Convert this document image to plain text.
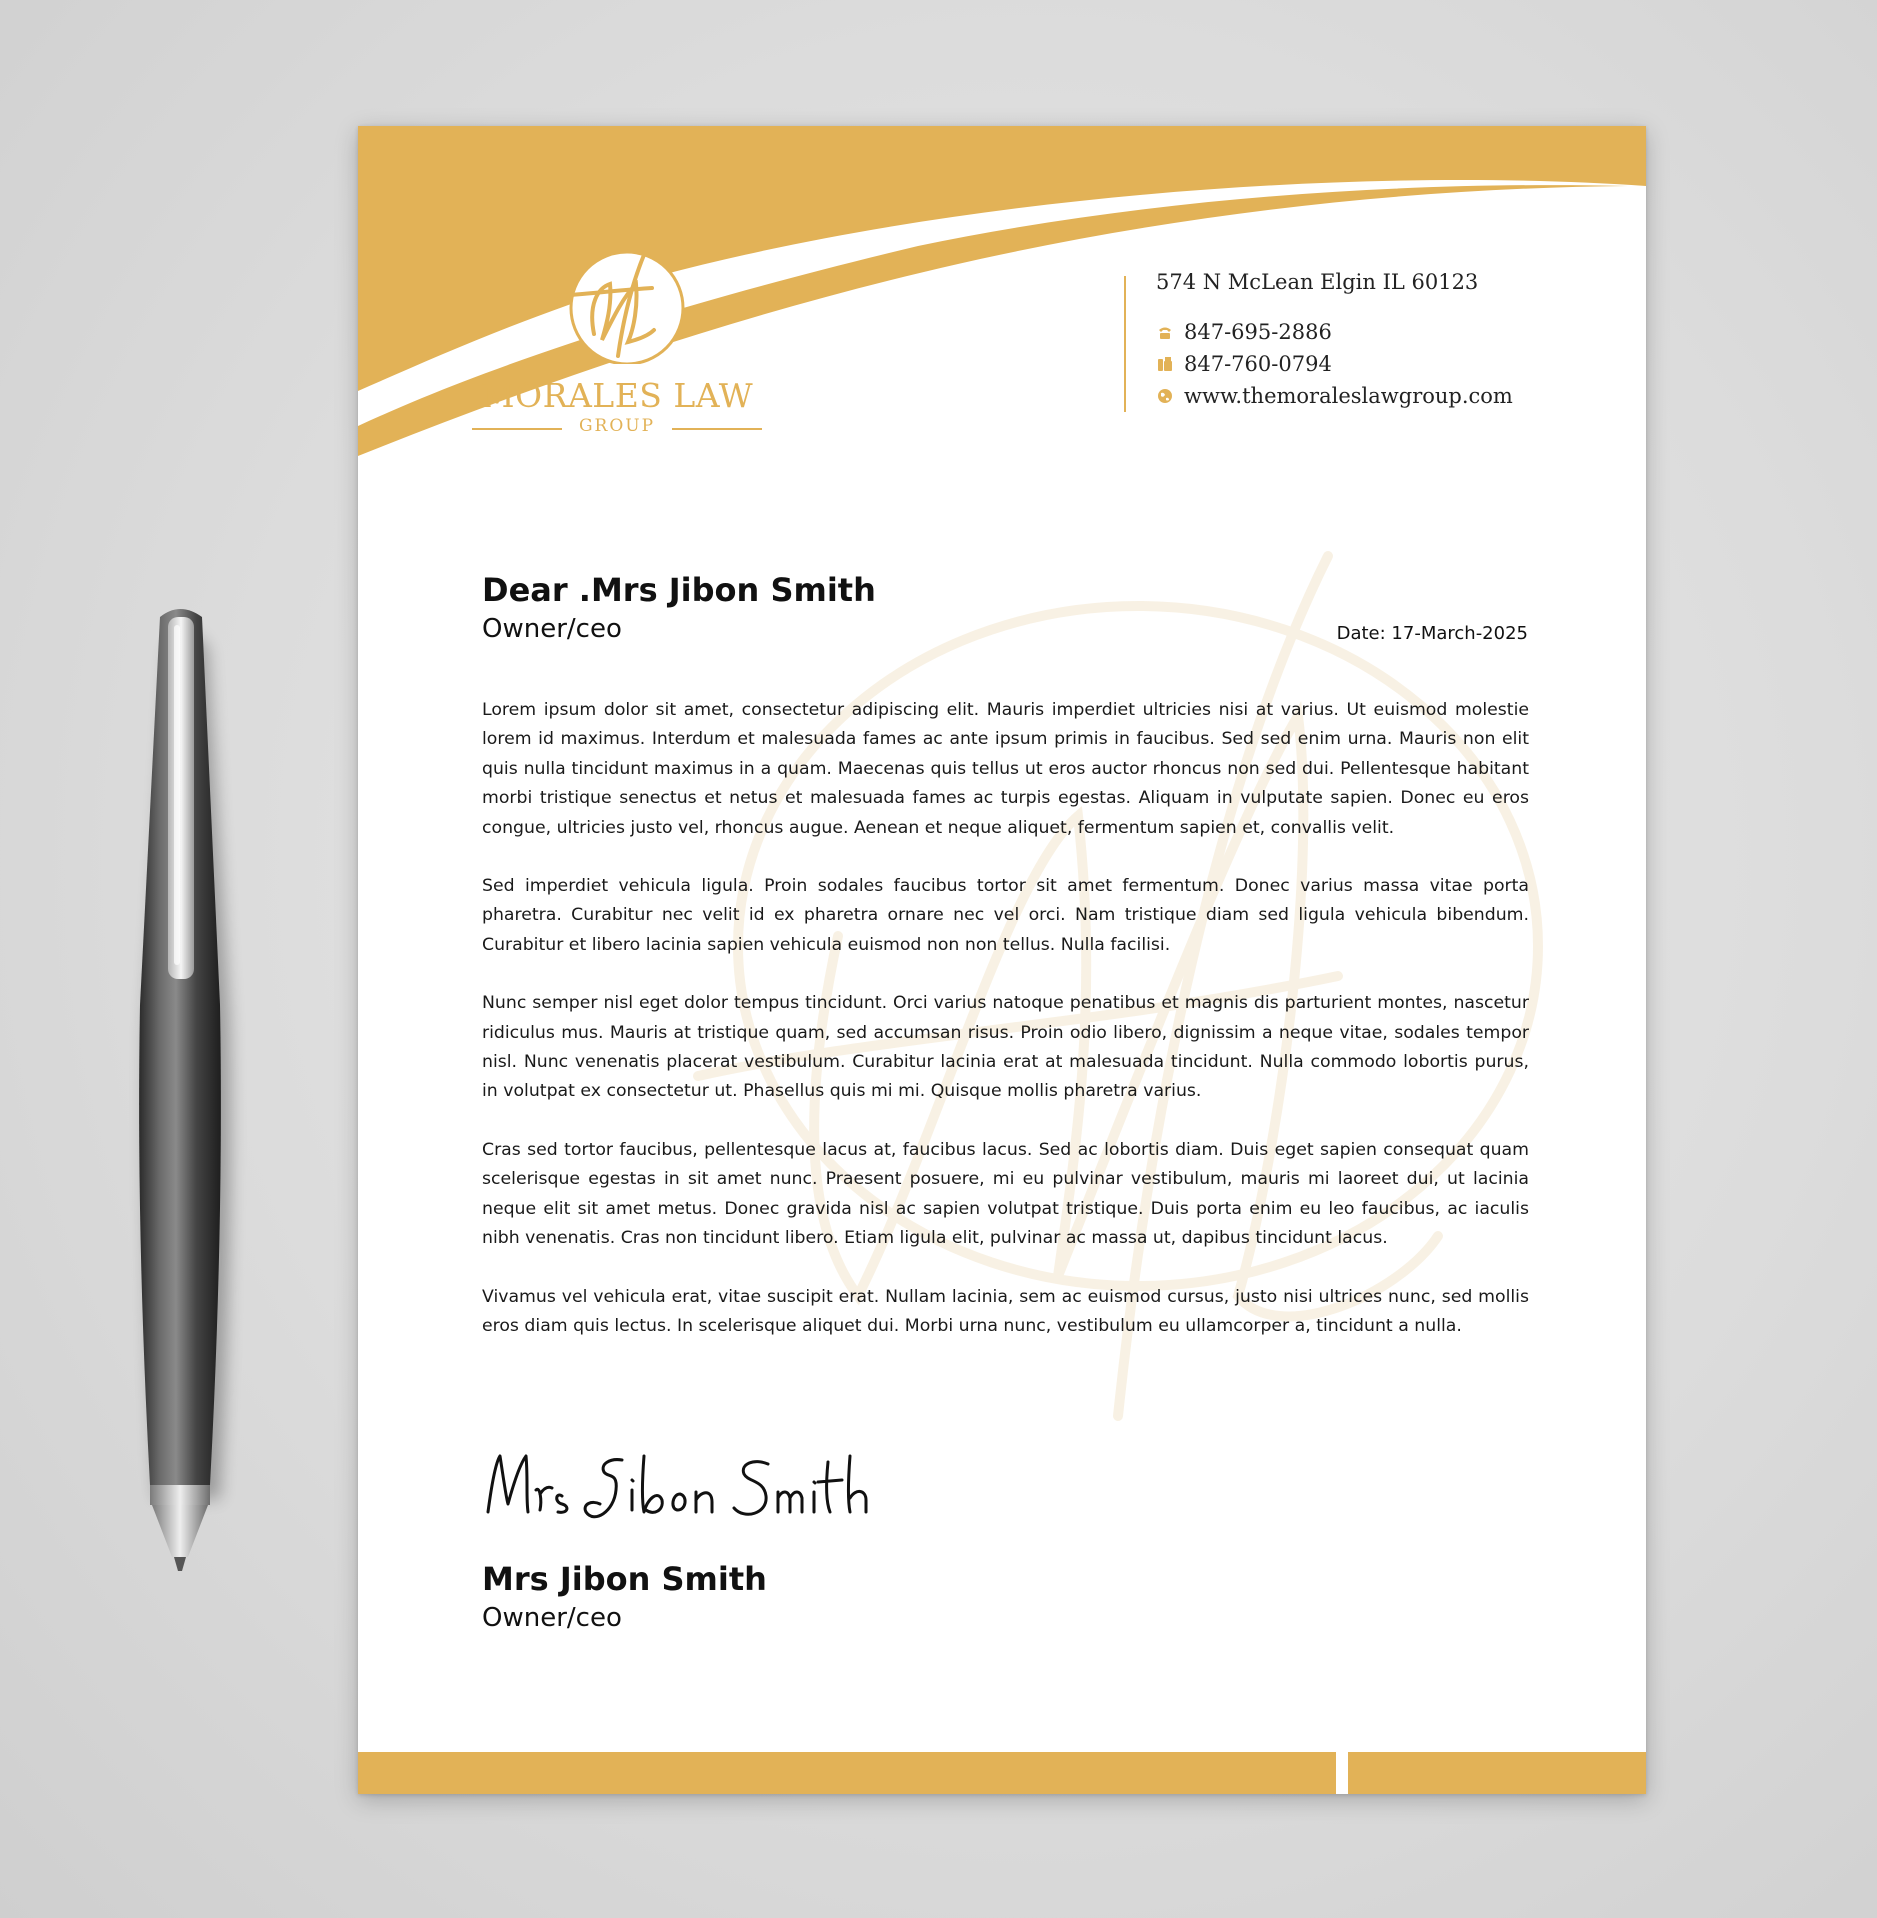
MORALES LAW
GROUP
574 N McLean Elgin IL 60123
847-695-2886
847-760-0794
www.themoraleslawgroup.com
Dear .Mrs Jibon Smith
Owner/ceo	Date: 17-March-2025

Lorem ipsum dolor sit amet, consectetur adipiscing elit. Mauris imperdiet ultricies nisi at varius. Ut euismod molestie lorem id maximus. Interdum et malesuada fames ac ante ipsum primis in faucibus. Sed sed enim urna. Mauris non elit quis nulla tincidunt maximus in a quam. Maecenas quis tellus ut eros auctor rhoncus non sed dui. Pellentesque habitant morbi tristique senectus et netus et malesuada fames ac turpis egestas. Aliquam in vulputate sapien. Donec eu eros congue, ultricies justo vel, rhoncus augue. Aenean et neque aliquet, fermentum sapien et, convallis velit.

Sed imperdiet vehicula ligula. Proin sodales faucibus tortor sit amet fermentum. Donec varius massa vitae porta pharetra. Curabitur nec velit id ex pharetra ornare nec vel orci. Nam tristique diam sed ligula vehicula bibendum. Curabitur et libero lacinia sapien vehicula euismod non non tellus. Nulla facilisi.

Nunc semper nisl eget dolor tempus tincidunt. Orci varius natoque penatibus et magnis dis parturient montes, nascetur ridiculus mus. Mauris at tristique quam, sed accumsan risus. Proin odio libero, dignissim a neque vitae, sodales tempor nisl. Nunc venenatis placerat vestibulum. Curabitur lacinia erat at malesuada tincidunt. Nulla commodo lobortis purus, in volutpat ex consectetur ut. Phasellus quis mi mi. Quisque mollis pharetra varius.

Cras sed tortor faucibus, pellentesque lacus at, faucibus lacus. Sed ac lobortis diam. Duis eget sapien consequat quam scelerisque egestas in sit amet nunc. Praesent posuere, mi eu pulvinar vestibulum, mauris mi laoreet dui, ut lacinia neque elit sit amet metus. Donec gravida nisl ac sapien volutpat tristique. Duis porta enim eu leo faucibus, ac iaculis nibh venenatis. Cras non tincidunt libero. Etiam ligula elit, pulvinar ac massa ut, dapibus tincidunt lacus.

Vivamus vel vehicula erat, vitae suscipit erat. Nullam lacinia, sem ac euismod cursus, justo nisi ultrices nunc, sed mollis eros diam quis lectus. In scelerisque aliquet dui. Morbi urna nunc, vestibulum eu ullamcorper a, tincidunt a nulla.

Mrs Jibon Smith
Owner/ceo
